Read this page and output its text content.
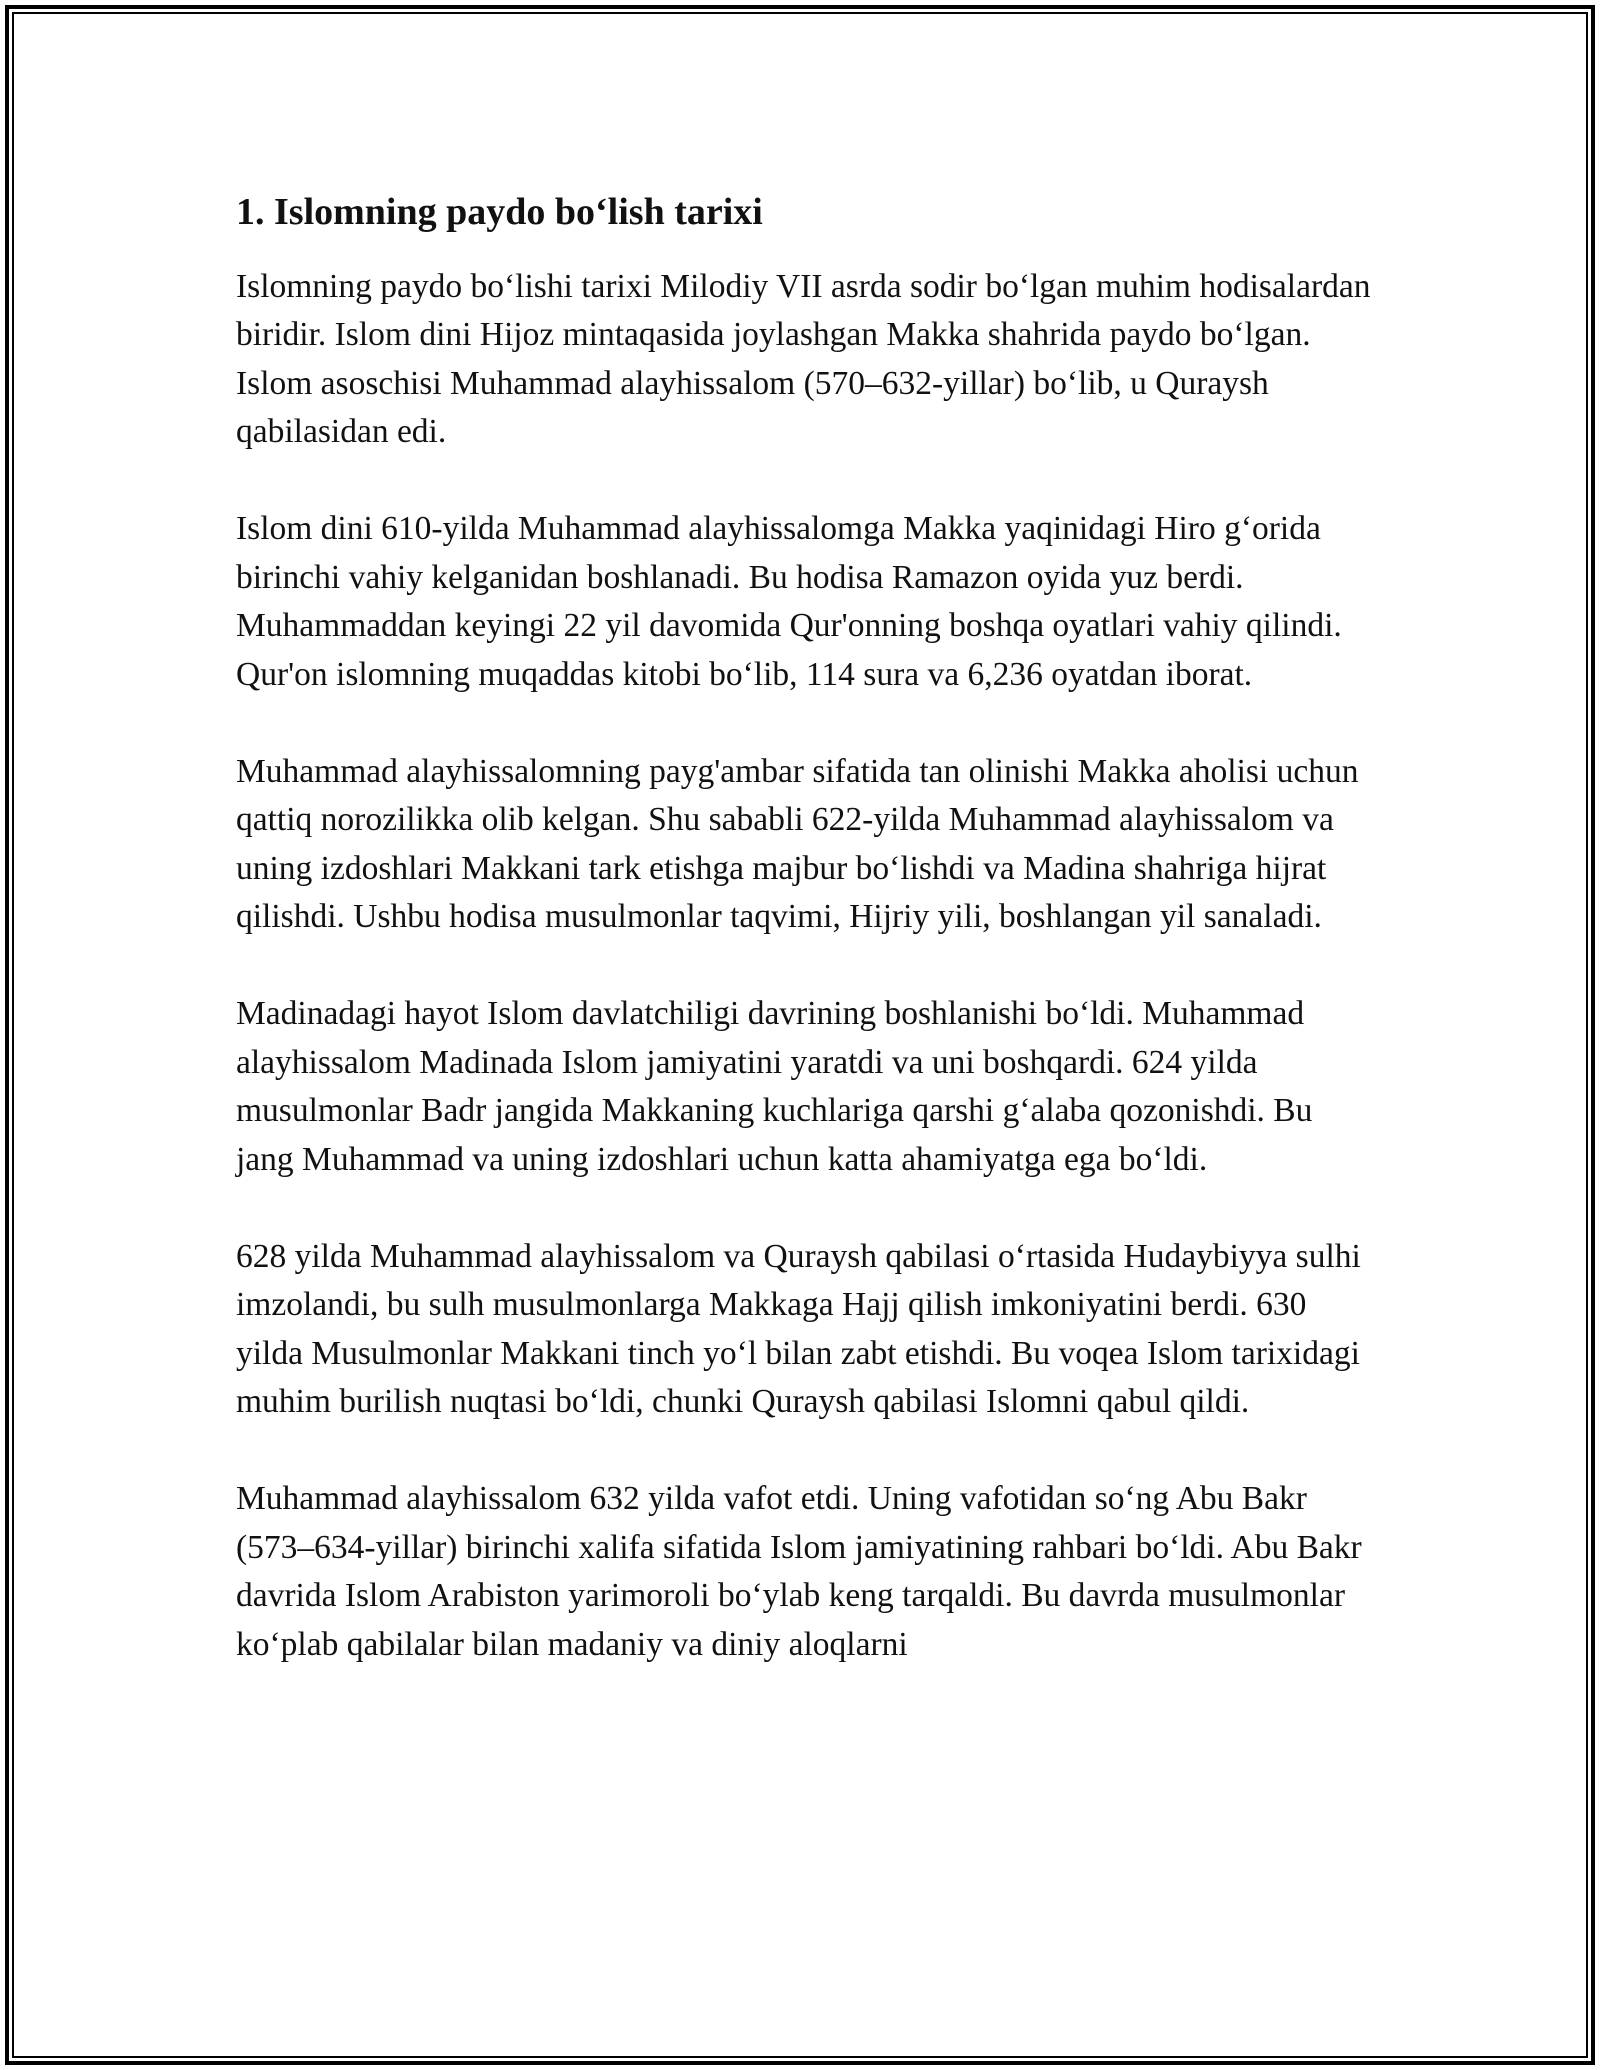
1. Islomning paydo bo‘lish tarixi

Islomning paydo bo‘lishi tarixi Milodiy VII asrda sodir bo‘lgan muhim hodisalardan biridir. Islom dini Hijoz mintaqasida joylashgan Makka shahrida paydo bo‘lgan. Islom asoschisi Muhammad alayhissalom (570–632-yillar) bo‘lib, u Quraysh qabilasidan edi.

Islom dini 610-yilda Muhammad alayhissalomga Makka yaqinidagi Hiro g‘orida birinchi vahiy kelganidan boshlanadi. Bu hodisa Ramazon oyida yuz berdi. Muhammaddan keyingi 22 yil davomida Qur'onning boshqa oyatlari vahiy qilindi. Qur'on islomning muqaddas kitobi bo‘lib, 114 sura va 6,236 oyatdan iborat.

Muhammad alayhissalomning payg'ambar sifatida tan olinishi Makka aholisi uchun qattiq norozilikka olib kelgan. Shu sababli 622-yilda Muhammad alayhissalom va uning izdoshlari Makkani tark etishga majbur bo‘lishdi va Madina shahriga hijrat qilishdi. Ushbu hodisa musulmonlar taqvimi, Hijriy yili, boshlangan yil sanaladi.

Madinadagi hayot Islom davlatchiligi davrining boshlanishi bo‘ldi. Muhammad alayhissalom Madinada Islom jamiyatini yaratdi va uni boshqardi. 624 yilda musulmonlar Badr jangida Makkaning kuchlariga qarshi g‘alaba qozonishdi. Bu jang Muhammad va uning izdoshlari uchun katta ahamiyatga ega bo‘ldi.

628 yilda Muhammad alayhissalom va Quraysh qabilasi o‘rtasida Hudaybiyya sulhi imzolandi, bu sulh musulmonlarga Makkaga Hajj qilish imkoniyatini berdi. 630 yilda Musulmonlar Makkani tinch yo‘l bilan zabt etishdi. Bu voqea Islom tarixidagi muhim burilish nuqtasi bo‘ldi, chunki Quraysh qabilasi Islomni qabul qildi.

Muhammad alayhissalom 632 yilda vafot etdi. Uning vafotidan so‘ng Abu Bakr (573–634-yillar) birinchi xalifa sifatida Islom jamiyatining rahbari bo‘ldi. Abu Bakr davrida Islom Arabiston yarimoroli bo‘ylab keng tarqaldi. Bu davrda musulmonlar ko‘plab qabilalar bilan madaniy va diniy aloqlarni
